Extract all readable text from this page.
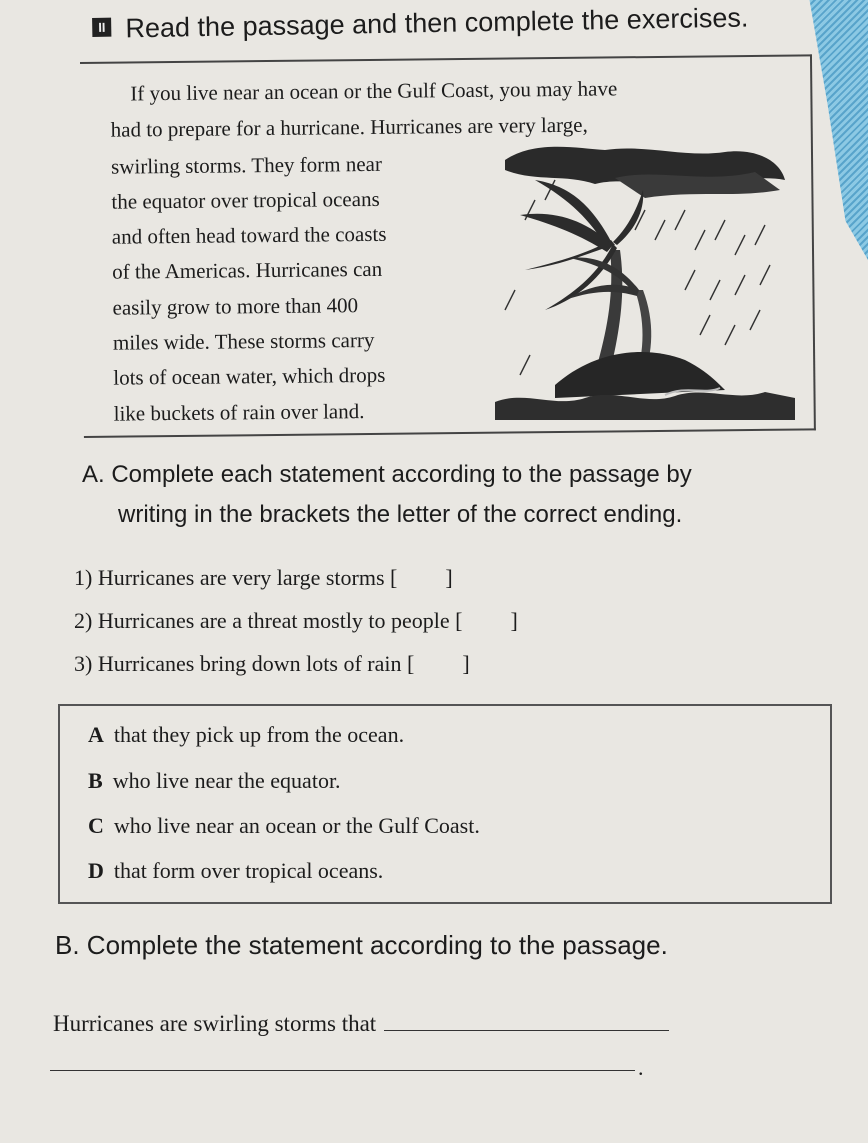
II Read the passage and then complete the exercises.
If you live near an ocean or the Gulf Coast, you may have
had to prepare for a hurricane. Hurricanes are very large,
swirling storms. They form near
the equator over tropical oceans
and often head toward the coasts
of the Americas. Hurricanes can
easily grow to more than 400
miles wide. These storms carry
lots of ocean water, which drops
like buckets of rain over land.
A. Complete each statement according to the passage by
writing in the brackets the letter of the correct ending.
1) Hurricanes are very large storms [ ]
2) Hurricanes are a threat mostly to people [ ]
3) Hurricanes bring down lots of rain [ ]
A that they pick up from the ocean.
B who live near the equator.
C who live near an ocean or the Gulf Coast.
D that form over tropical oceans.
B. Complete the statement according to the passage.
Hurricanes are swirling storms that
.
